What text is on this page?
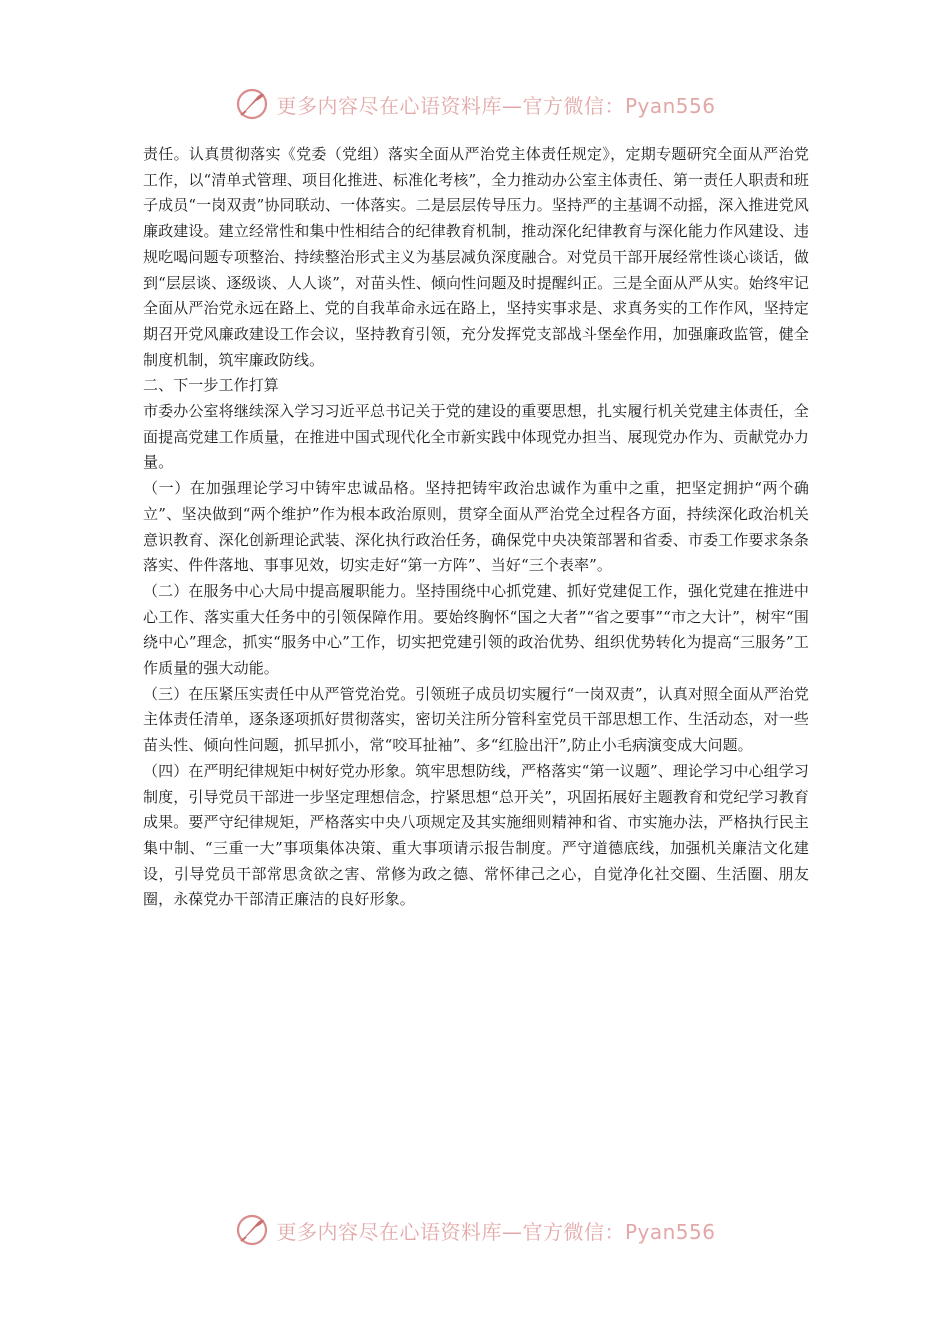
更多内容尽在心语资料库—官方微信：Pyan556

责任。认真贯彻落实《党委（党组）落实全面从严治党主体责任规定》，定期专题研究全面从严治党工作，以“清单式管理、项目化推进、标准化考核”，全力推动办公室主体责任、第一责任人职责和班子成员“一岗双责”协同联动、一体落实。二是层层传导压力。坚持严的主基调不动摇，深入推进党风廉政建设。建立经常性和集中性相结合的纪律教育机制，推动深化纪律教育与深化能力作风建设、违规吃喝问题专项整治、持续整治形式主义为基层减负深度融合。对党员干部开展经常性谈心谈话，做到“层层谈、逐级谈、人人谈”，对苗头性、倾向性问题及时提醒纠正。三是全面从严从实。始终牢记全面从严治党永远在路上、党的自我革命永远在路上，坚持实事求是、求真务实的工作作风，坚持定期召开党风廉政建设工作会议，坚持教育引领，充分发挥党支部战斗堡垒作用，加强廉政监管，健全制度机制，筑牢廉政防线。

二、下一步工作打算

市委办公室将继续深入学习习近平总书记关于党的建设的重要思想，扎实履行机关党建主体责任，全面提高党建工作质量，在推进中国式现代化全市新实践中体现党办担当、展现党办作为、贡献党办力量。

（一）在加强理论学习中铸牢忠诚品格。坚持把铸牢政治忠诚作为重中之重，把坚定拥护“两个确立”、坚决做到“两个维护”作为根本政治原则，贯穿全面从严治党全过程各方面，持续深化政治机关意识教育、深化创新理论武装、深化执行政治任务，确保党中央决策部署和省委、市委工作要求条条落实、件件落地、事事见效，切实走好“第一方阵”、当好“三个表率”。

（二）在服务中心大局中提高履职能力。坚持围绕中心抓党建、抓好党建促工作，强化党建在推进中心工作、落实重大任务中的引领保障作用。要始终胸怀“国之大者”“省之要事”“市之大计”，树牢“围绕中心”理念，抓实“服务中心”工作，切实把党建引领的政治优势、组织优势转化为提高“三服务”工作质量的强大动能。

（三）在压紧压实责任中从严管党治党。引领班子成员切实履行“一岗双责”，认真对照全面从严治党主体责任清单，逐条逐项抓好贯彻落实，密切关注所分管科室党员干部思想工作、生活动态，对一些苗头性、倾向性问题，抓早抓小，常“咬耳扯袖”、多“红脸出汗”,防止小毛病演变成大问题。

（四）在严明纪律规矩中树好党办形象。筑牢思想防线，严格落实“第一议题”、理论学习中心组学习制度，引导党员干部进一步坚定理想信念，拧紧思想“总开关”，巩固拓展好主题教育和党纪学习教育成果。要严守纪律规矩，严格落实中央八项规定及其实施细则精神和省、市实施办法，严格执行民主集中制、“三重一大”事项集体决策、重大事项请示报告制度。严守道德底线，加强机关廉洁文化建设，引导党员干部常思贪欲之害、常修为政之德、常怀律己之心，自觉净化社交圈、生活圈、朋友圈，永葆党办干部清正廉洁的良好形象。

更多内容尽在心语资料库—官方微信：Pyan556
